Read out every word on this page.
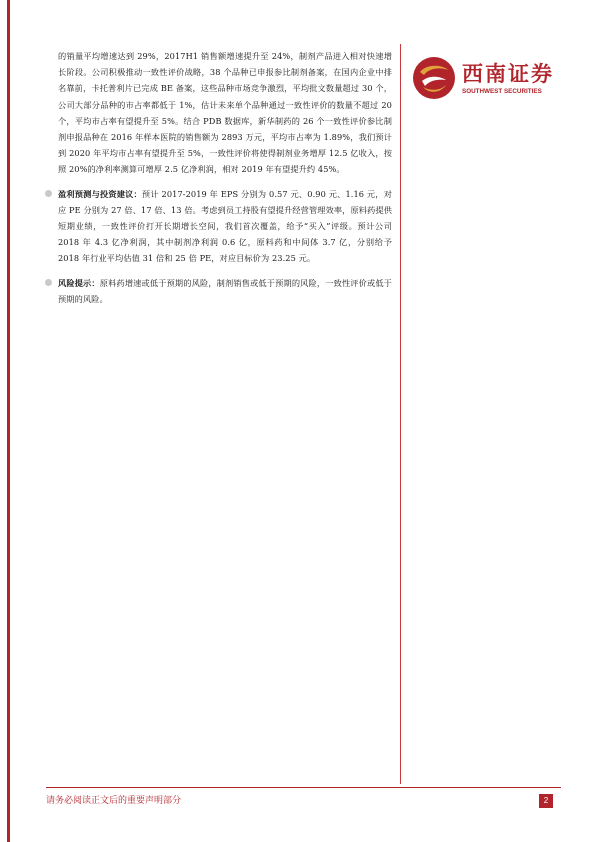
西南证券
SOUTHWEST SECURITIES

的销量平均增速达到 29%，2017H1 销售额增速提升至 24%，制剂产品进入相对快速增长阶段。公司积极推动一致性评价战略，38 个品种已申报参比制剂备案，在国内企业中排名靠前，卡托普利片已完成 BE 备案，这些品种市场竞争激烈，平均批文数量超过 30 个，公司大部分品种的市占率都低于 1%，估计未来单个品种通过一致性评价的数量不超过 20 个，平均市占率有望提升至 5%。结合 PDB 数据库，新华制药的 26 个一致性评价参比制剂申报品种在 2016 年样本医院的销售额为 2893 万元，平均市占率为 1.89%，我们预计到 2020 年平均市占率有望提升至 5%，一致性评价将使得制剂业务增厚 12.5 亿收入，按照 20%的净利率测算可增厚 2.5 亿净利润，相对 2019 年有望提升约 45%。

盈利预测与投资建议：预计 2017-2019 年 EPS 分别为 0.57 元、0.90 元、1.16 元，对应 PE 分别为 27 倍、17 倍、13 倍。考虑到员工持股有望提升经营管理效率，原料药提供短期业绩，一致性评价打开长期增长空间，我们首次覆盖，给予“买入”评级。预计公司 2018 年 4.3 亿净利润，其中制剂净利润 0.6 亿，原料药和中间体 3.7 亿，分别给予 2018 年行业平均估值 31 倍和 25 倍 PE，对应目标价为 23.25 元。
风险提示：原料药增速或低于预期的风险，制剂销售或低于预期的风险，一致性评价或低于预期的风险。
请务必阅读正文后的重要声明部分	2
